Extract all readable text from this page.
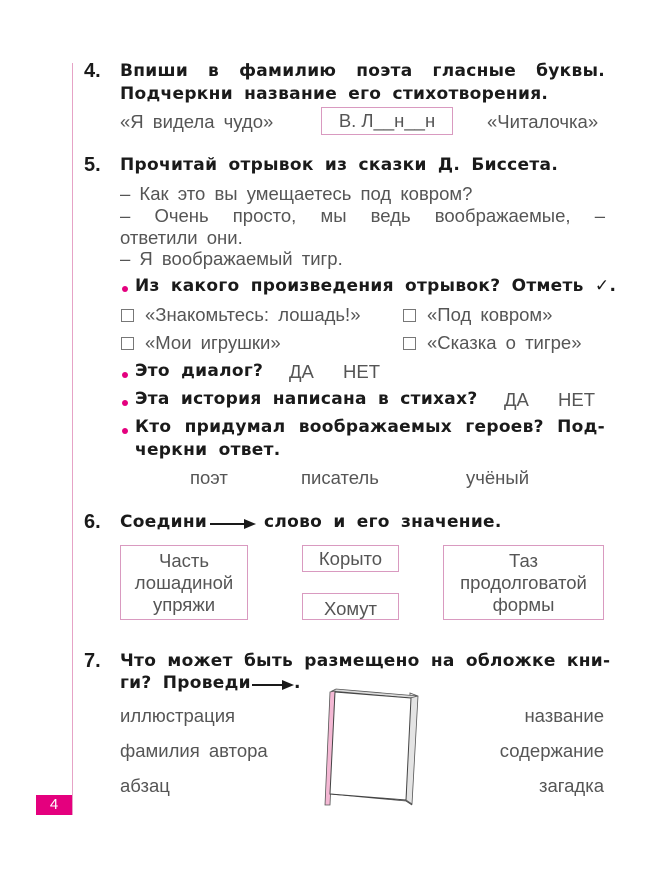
4
4. Впиши в фамилию поэта гласные буквы.
Подчеркни название его стихотворения.
«Я видела чудо»	В. Л__н__н	«Читалочка»
5. Прочитай отрывок из сказки Д. Биссета.
– Как это вы умещаетесь под ковром?
– Очень просто, мы ведь воображаемые, –
ответили они.
– Я воображаемый тигр.
Из какого произведения отрывок? Отметь ✓.
«Знакомьтесь: лошадь!»	«Под ковром»
«Мои игрушки»	«Сказка о тигре»
Это диалог? ДА НЕТ
Эта история написана в стихах? ДА НЕТ
Кто придумал воображаемых героев? Под-
черкни ответ.
поэт	писатель	учёный
6. Соедини	слово и его значение.
Часть
лошадиной
упряжи
Корыто
Хомут
Таз
продолговатой
формы
7. Что может быть размещено на обложке кни-
ги? Проведи	.
иллюстрация
фамилия автора
абзац
название
содержание
загадка
